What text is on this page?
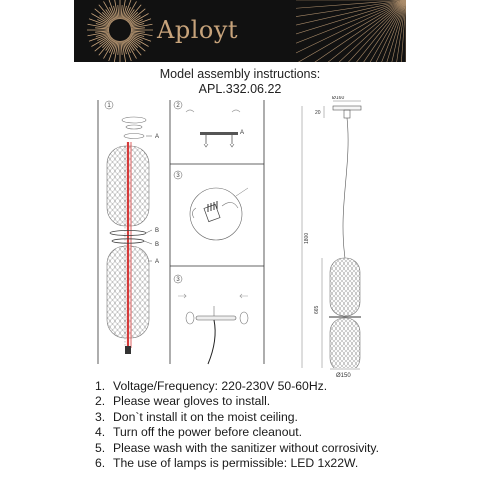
Aployt
Model assembly instructions:
APL.332.06.22
1	2
3
3
A
B
B
A
A
Ø160
20
1800
665
Ø150
1. Voltage/Frequency: 220-230V 50-60Hz.
2. Please wear gloves to install.
3. Don`t install it on the moist ceiling.
4. Turn off the power before cleanout.
5. Please wash with the sanitizer without corrosivity.
6. The use of lamps is permissible: LED 1x22W.
